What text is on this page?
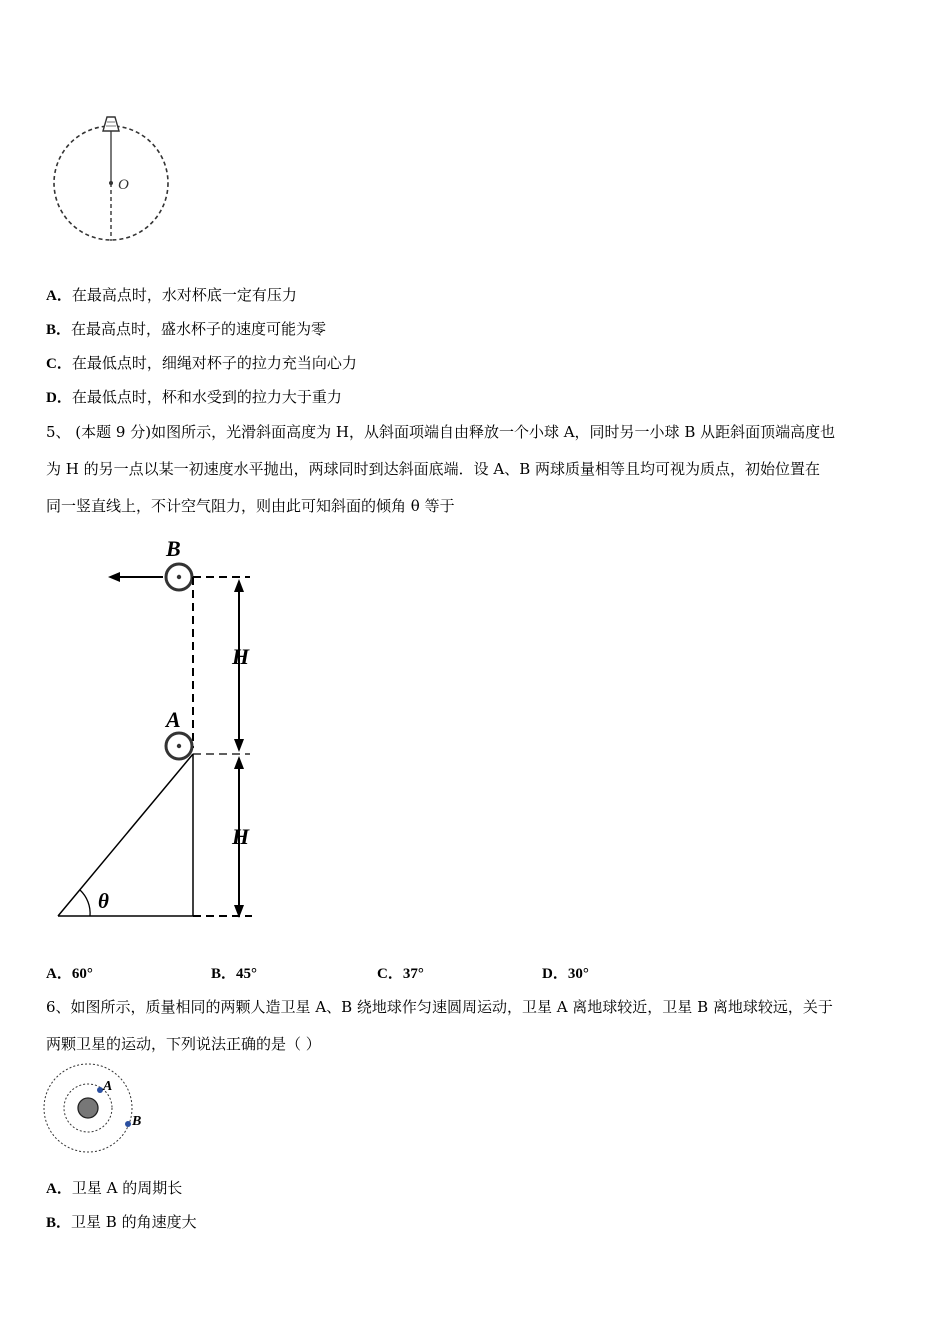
O
A．在最高点时，水对杯底一定有压力
B．在最高点时，盛水杯子的速度可能为零
C．在最低点时，细绳对杯子的拉力充当向心力
D．在最低点时，杯和水受到的拉力大于重力
5、 (本题 9 分)如图所示，光滑斜面高度为 H，从斜面项端自由释放一个小球 A，同时另一小球 B 从距斜面顶端高度也
为 H 的另一点以某一初速度水平抛出，两球同时到达斜面底端．设 A、B 两球质量相等且均可视为质点，初始位置在
同一竖直线上，不计空气阻力，则由此可知斜面的倾角 θ 等于
B
H
A
H
θ
A．60°	B．45°	C．37°	D．30°
6、如图所示，质量相同的两颗人造卫星 A、B 绕地球作匀速圆周运动，卫星 A 离地球较近，卫星 B 离地球较远，关于
两颗卫星的运动，下列说法正确的是（ ）
A
B
A．卫星 A 的周期长
B．卫星 B 的角速度大
